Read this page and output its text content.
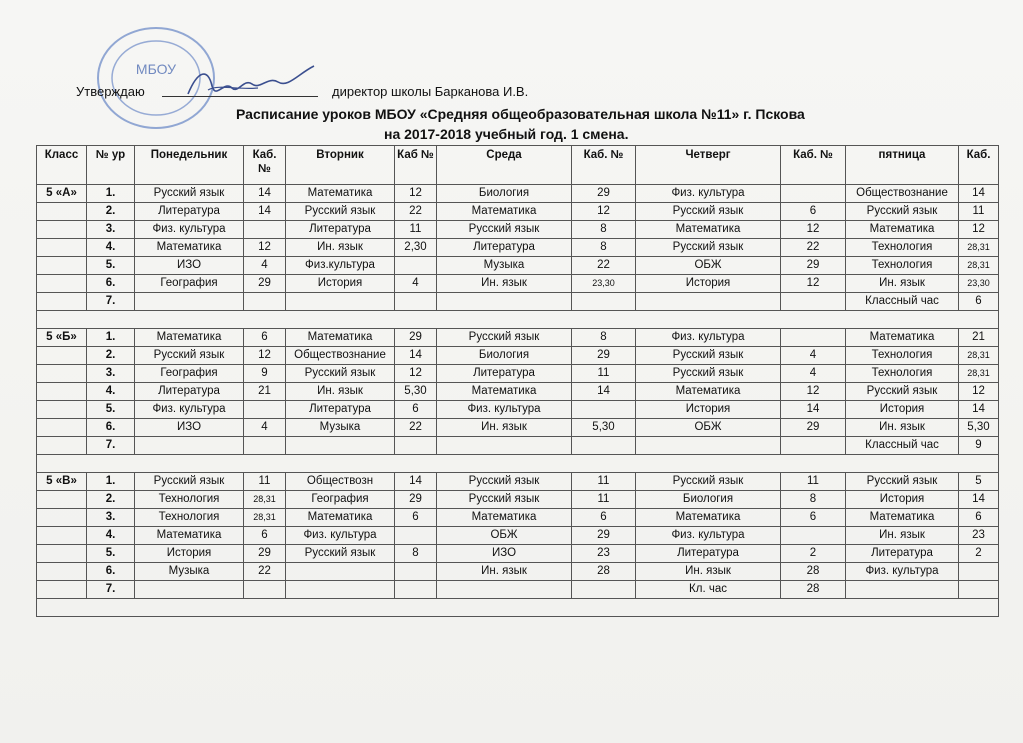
МБОУ
Утверждаю	директор школы Барканова И.В.
Расписание уроков МБОУ «Средняя общеобразовательная школа №11» г. Пскова
на 2017-2018 учебный год. 1 смена.
Класс	№ ур	Понедельник	Каб. №	Вторник	Каб №	Среда	Каб. №	Четверг	Каб. №	пятница	Каб.
5 «А»	1.	Русский язык	14	Математика	12	Биология	29	Физ. культура		Обществознание	14
	2.	Литература	14	Русский язык	22	Математика	12	Русский язык	6	Русский язык	11
	3.	Физ. культура		Литература	11	Русский язык	8	Математика	12	Математика	12
	4.	Математика	12	Ин. язык	2,30	Литература	8	Русский язык	22	Технология	28,31
	5.	ИЗО	4	Физ.культура		Музыка	22	ОБЖ	29	Технология	28,31
	6.	География	29	История	4	Ин. язык	23,30	История	12	Ин. язык	23,30
	7.									Классный час	6

5 «Б»	1.	Математика	6	Математика	29	Русский язык	8	Физ. культура		Математика	21
	2.	Русский язык	12	Обществознание	14	Биология	29	Русский язык	4	Технология	28,31
	3.	География	9	Русский язык	12	Литература	11	Русский язык	4	Технология	28,31
	4.	Литература	21	Ин. язык	5,30	Математика	14	Математика	12	Русский язык	12
	5.	Физ. культура		Литература	6	Физ. культура		История	14	История	14
	6.	ИЗО	4	Музыка	22	Ин. язык	5,30	ОБЖ	29	Ин. язык	5,30
	7.									Классный час	9

5 «В»	1.	Русский язык	11	Обществозн	14	Русский язык	11	Русский язык	11	Русский язык	5
	2.	Технология	28,31	География	29	Русский язык	11	Биология	8	История	14
	3.	Технология	28,31	Математика	6	Математика	6	Математика	6	Математика	6
	4.	Математика	6	Физ. культура		ОБЖ	29	Физ. культура		Ин. язык	23
	5.	История	29	Русский язык	8	ИЗО	23	Литература	2	Литература	2
	6.	Музыка	22			Ин. язык	28	Ин. язык	28	Физ. культура	
	7.							Кл. час	28		
